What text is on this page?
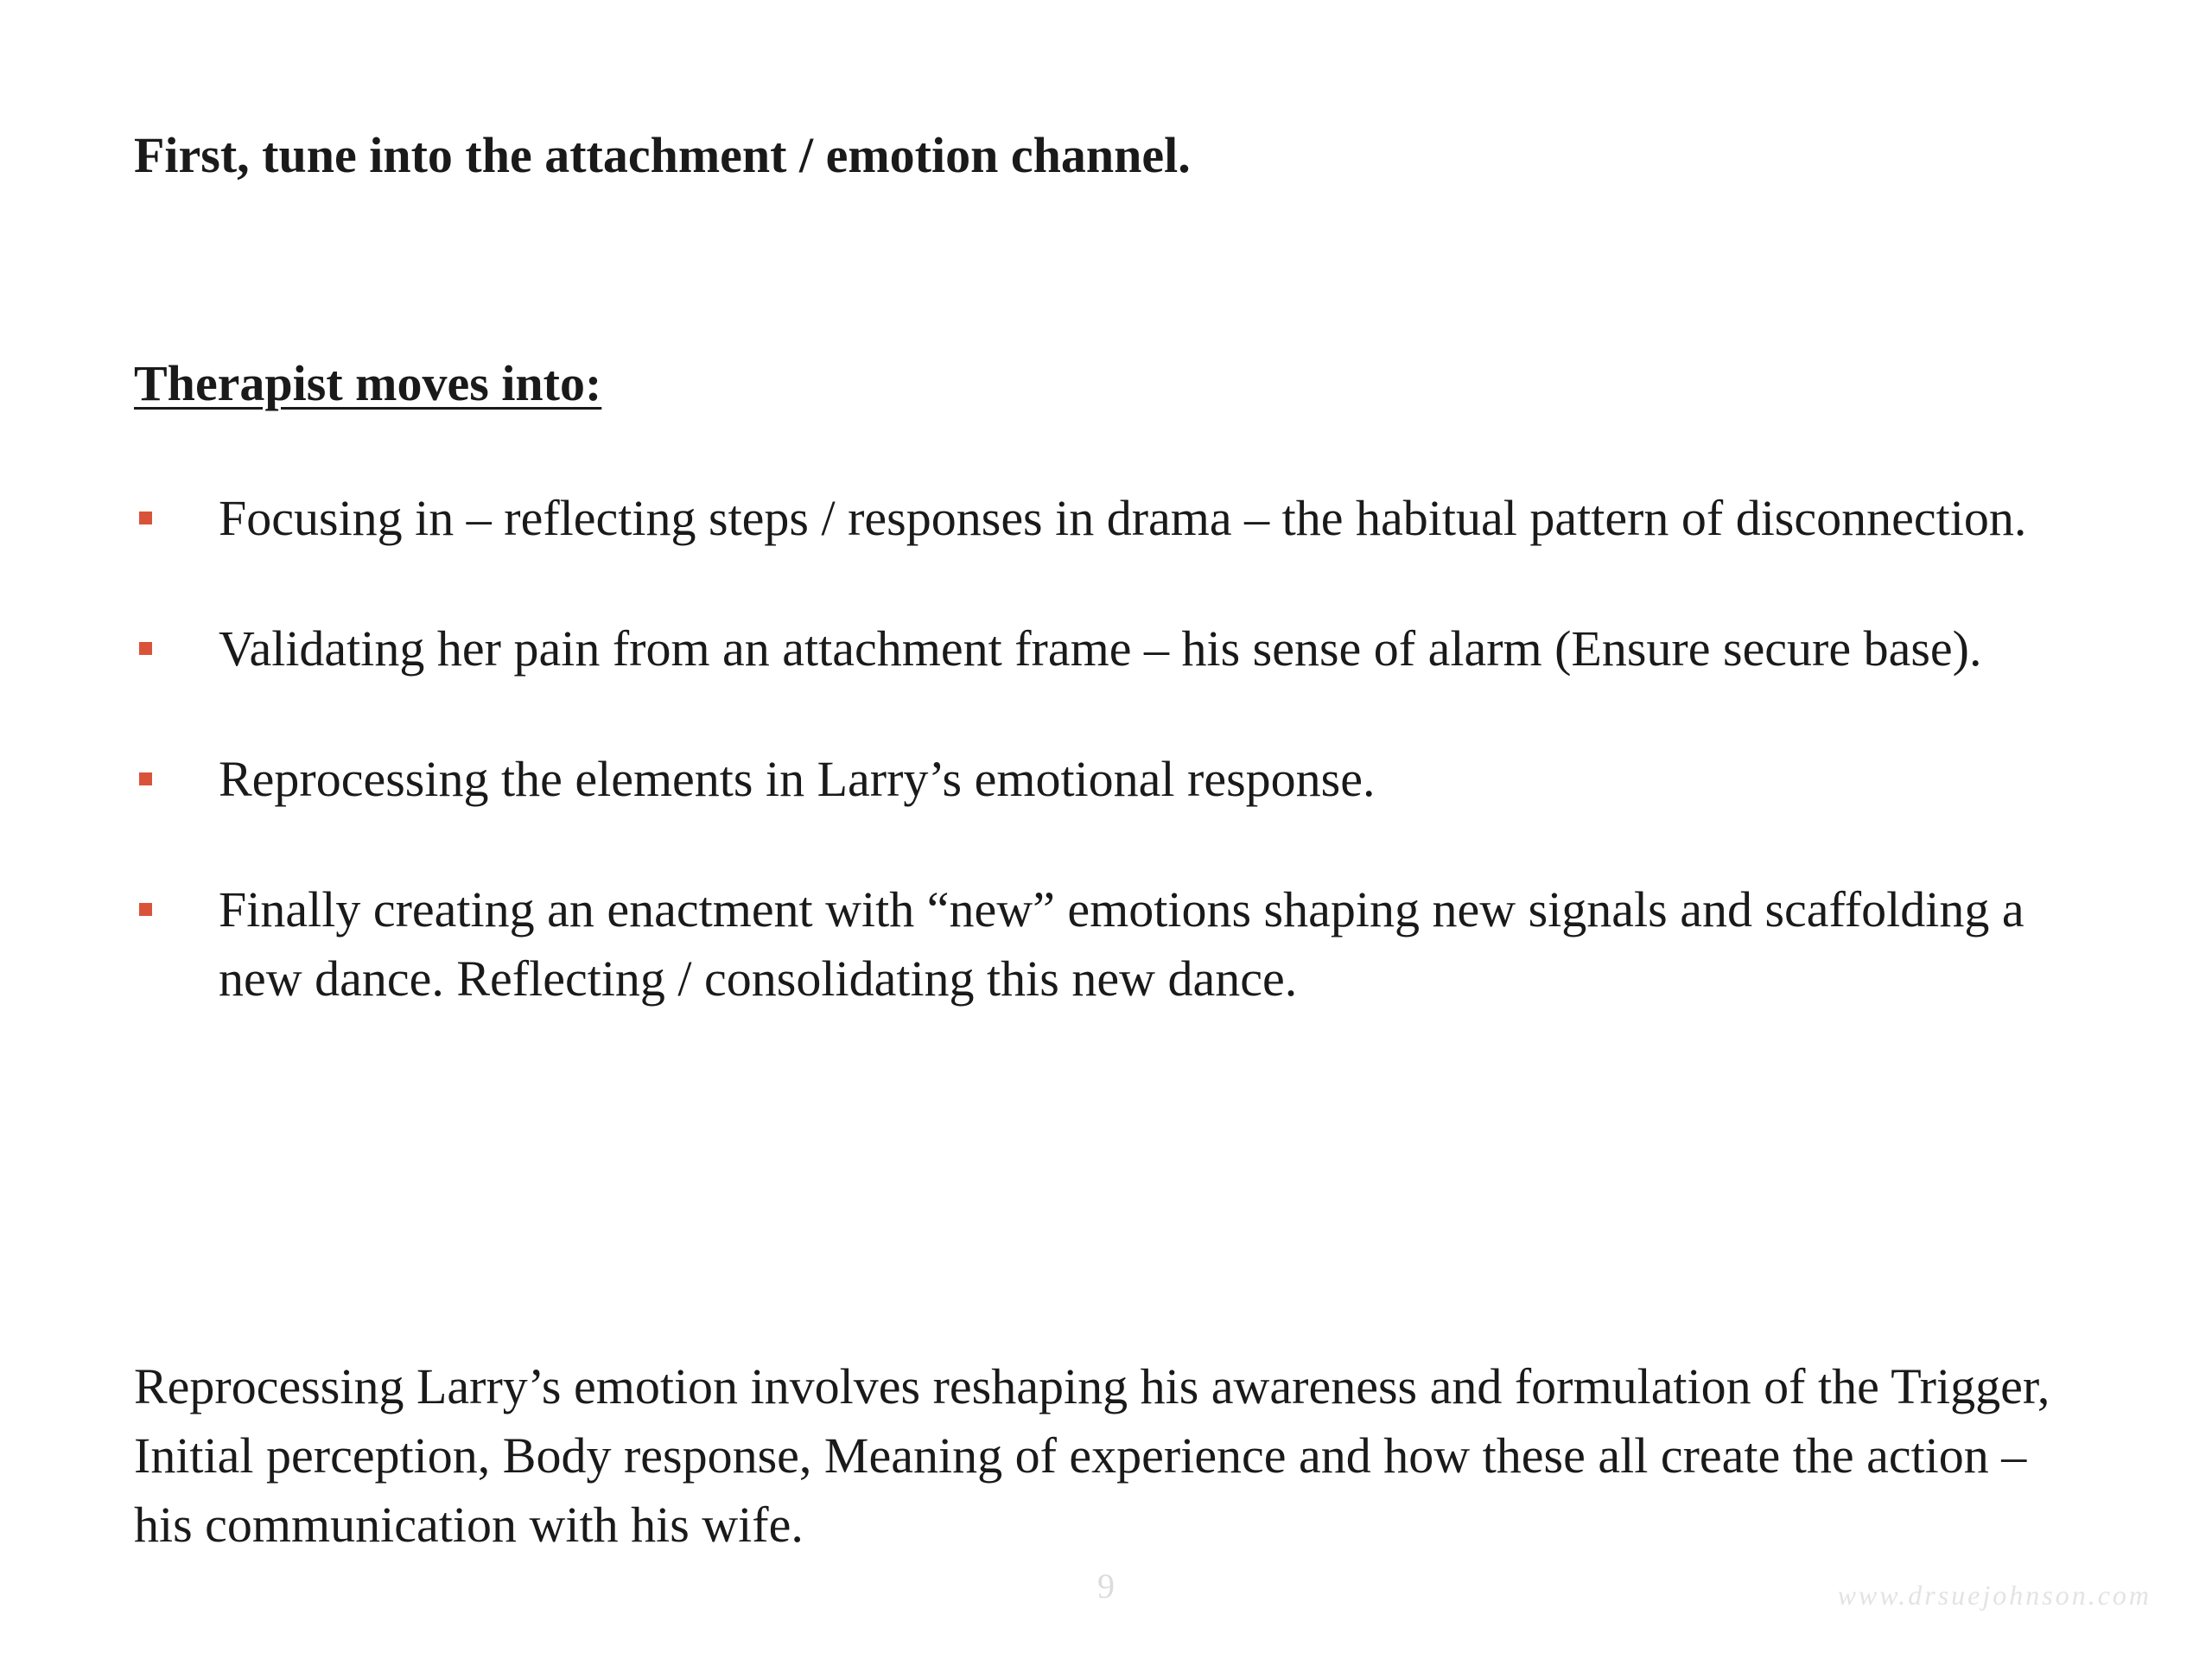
First, tune into the attachment / emotion channel.
Therapist moves into:
Focusing in – reflecting steps / responses in drama – the habitual pattern of disconnection.
Validating her pain from an attachment frame – his sense of alarm (Ensure secure base).
Reprocessing the elements in Larry’s emotional response.
Finally creating an enactment with “new” emotions shaping new signals and scaffolding a new dance. Reflecting / consolidating this new dance.

Reprocessing Larry’s emotion involves reshaping his awareness and formulation of the Trigger, Initial perception, Body response, Meaning of experience and how these all create the action – his communication with his wife.

9	www.drsuejohnson.com
